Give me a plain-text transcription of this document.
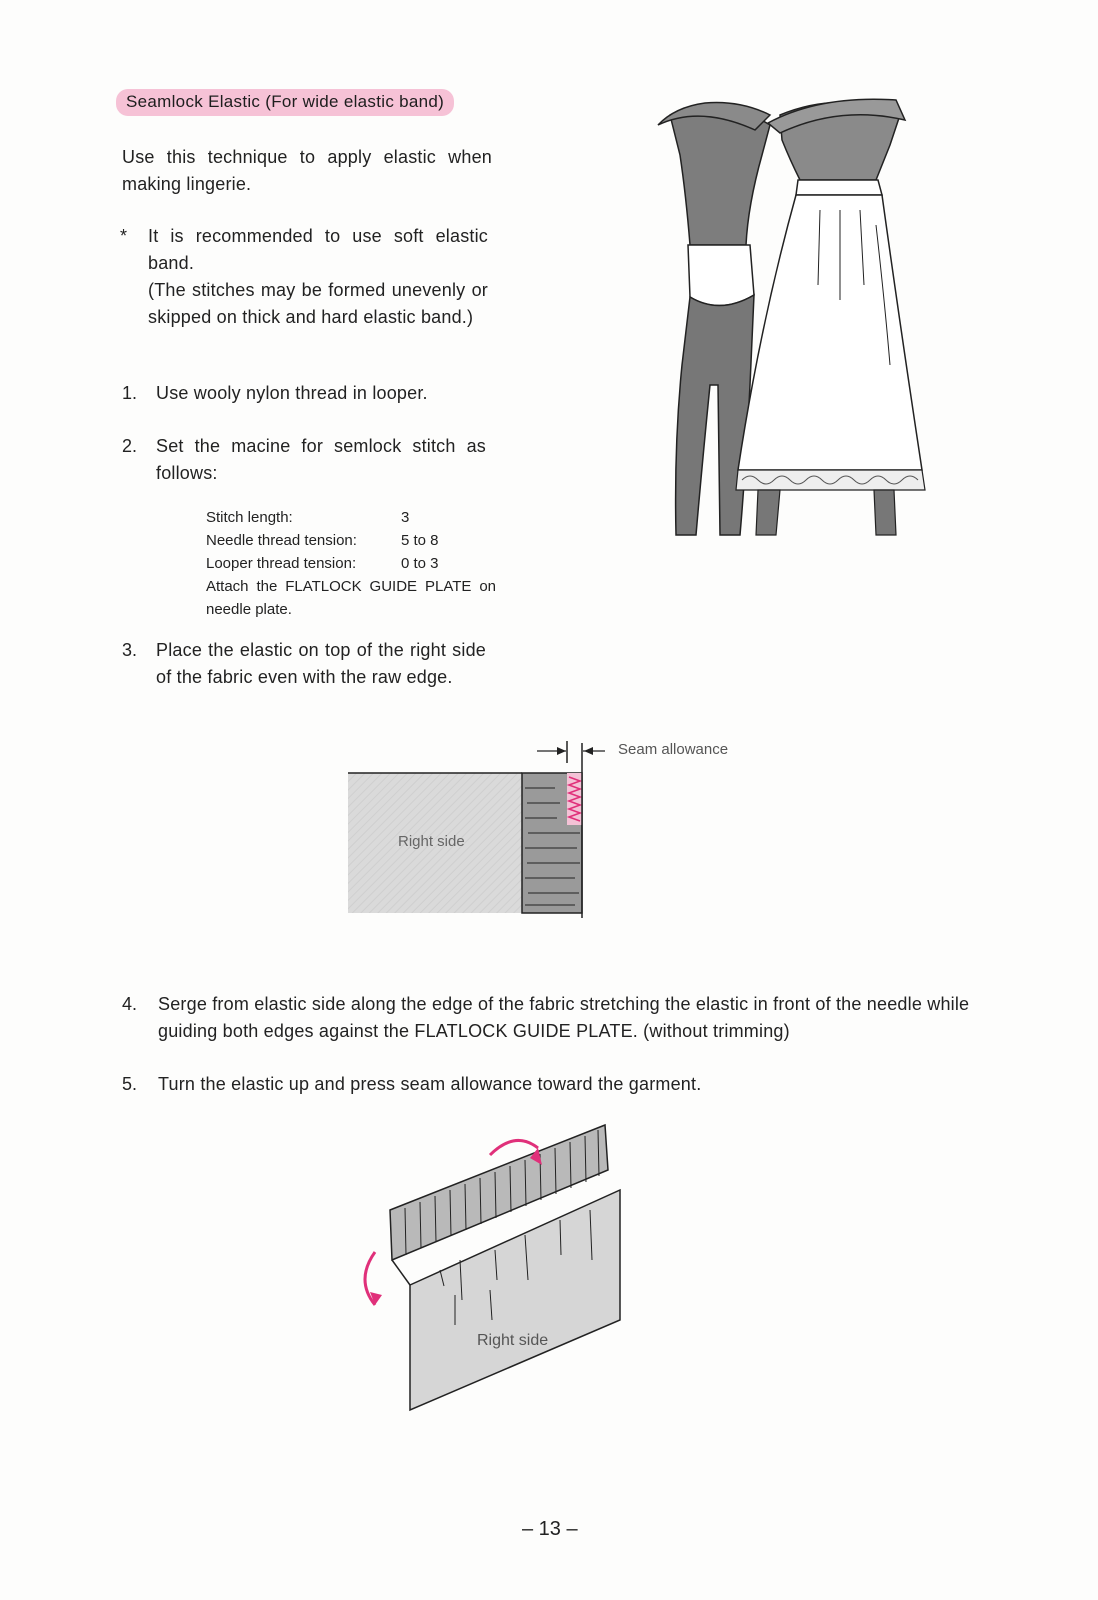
Seamlock Elastic (For wide elastic band)
Use this technique to apply elastic when making lingerie.
* It is recommended to use soft elastic band.
(The stitches may be formed unevenly or skipped on thick and hard elastic band.)
1. Use wooly nylon thread in looper.
2. Set the macine for semlock stitch as follows:
Stitch length:	3
Needle thread tension:	5 to 8
Looper thread tension:	0 to 3
Attach the FLATLOCK GUIDE PLATE on needle plate.
3. Place the elastic on top of the right side of the fabric even with the raw edge.
4. Serge from elastic side along the edge of the fabric stretching the elastic in front of the needle while guiding both edges against the FLATLOCK GUIDE PLATE. (without trimming)
5. Turn the elastic up and press seam allowance toward the garment.
Seam allowance
Right side
Right side
– 13 –
